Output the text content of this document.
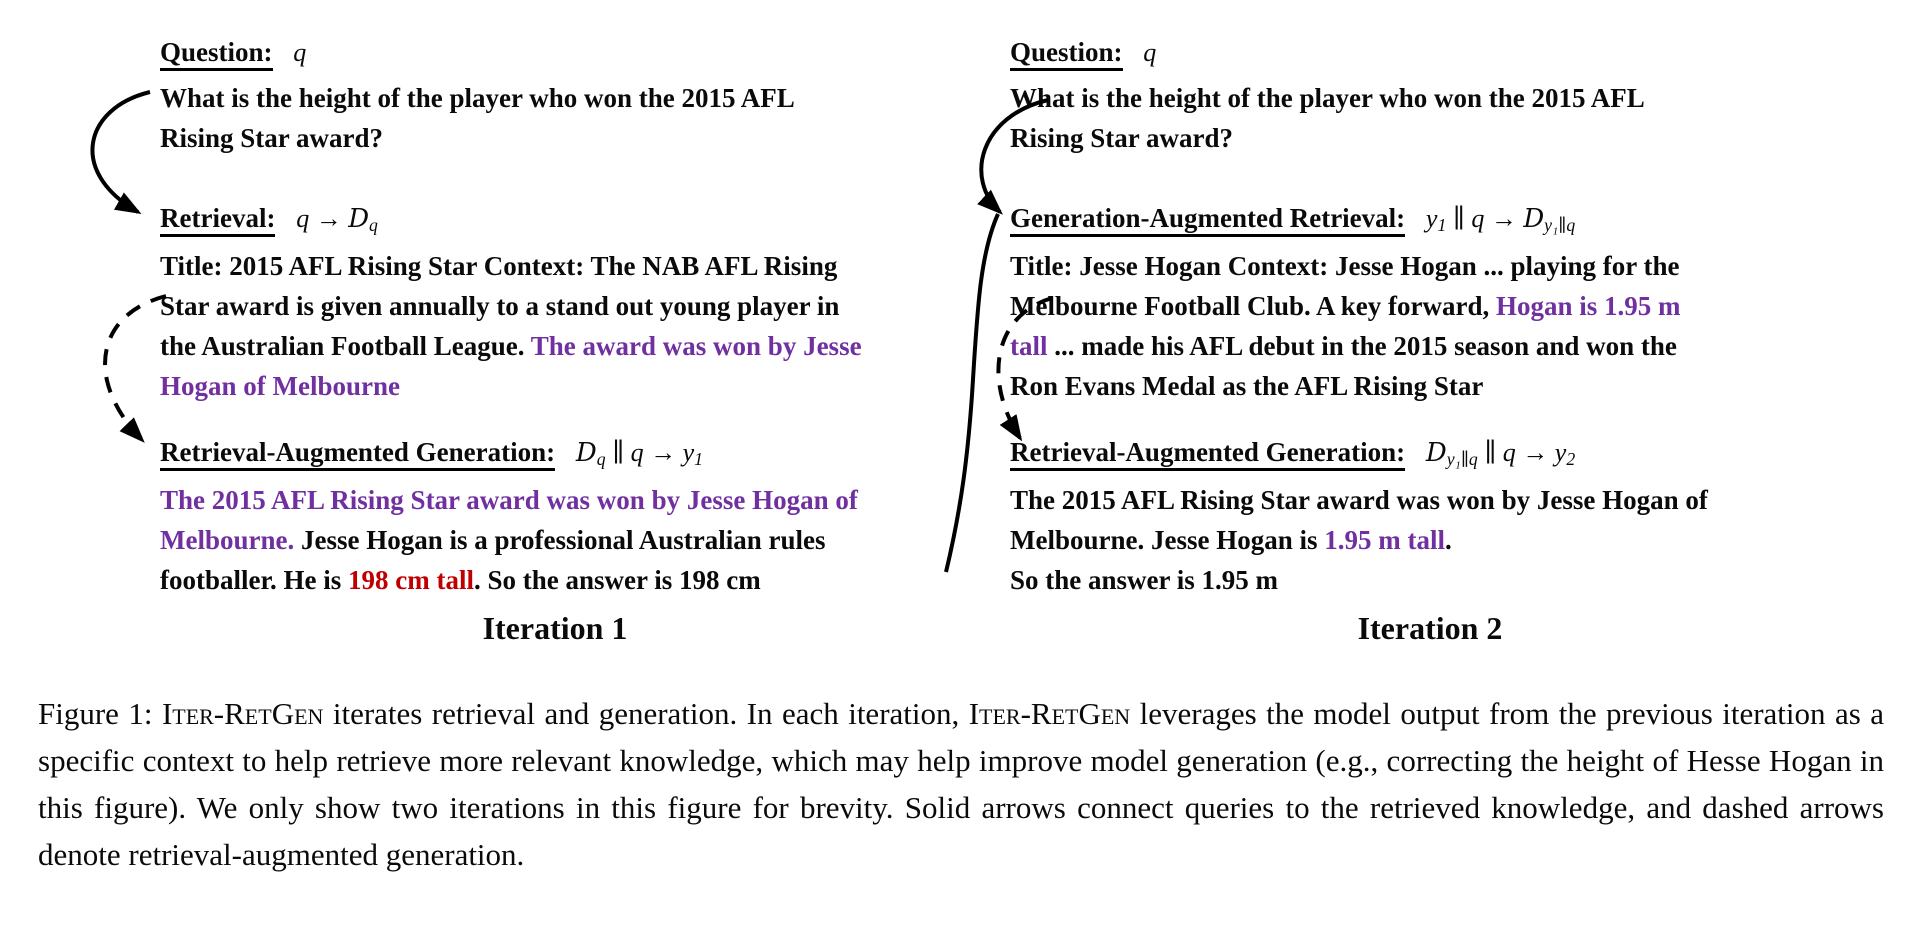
Question: q
What is the height of the player who won the 2015 AFL
Rising Star award?
Retrieval: $q \to D_q$
Title: 2015 AFL Rising Star Context: The NAB AFL Rising
Star award is given annually to a stand out young player in
the Australian Football League. The award was won by Jesse
Hogan of Melbourne
Retrieval-Augmented Generation: $D_q$ ∥ $q \to y_1$
The 2015 AFL Rising Star award was won by Jesse Hogan of
Melbourne. Jesse Hogan is a professional Australian rules
footballer. He is 198 cm tall. So the answer is 198 cm
Iteration 1
Question: q
What is the height of the player who won the 2015 AFL
Rising Star award?
Generation-Augmented Retrieval: $y_1$ ∥ $q \to D_{y_1\parallel q}$
Title: Jesse Hogan Context: Jesse Hogan ... playing for the
Melbourne Football Club. A key forward, Hogan is 1.95 m
tall ... made his AFL debut in the 2015 season and won the
Ron Evans Medal as the AFL Rising Star
Retrieval-Augmented Generation: $D_{y_1\parallel q}$ ∥ $q \to y_2$
The 2015 AFL Rising Star award was won by Jesse Hogan of
Melbourne. Jesse Hogan is 1.95 m tall.
So the answer is 1.95 m
Iteration 2
Figure 1: Iter-RetGen iterates retrieval and generation. In each iteration, Iter-RetGen leverages the model output from the previous iteration as a specific context to help retrieve more relevant knowledge, which may help improve model generation (e.g., correcting the height of Hesse Hogan in this figure). We only show two iterations in this figure for brevity. Solid arrows connect queries to the retrieved knowledge, and dashed arrows denote retrieval-augmented generation.
